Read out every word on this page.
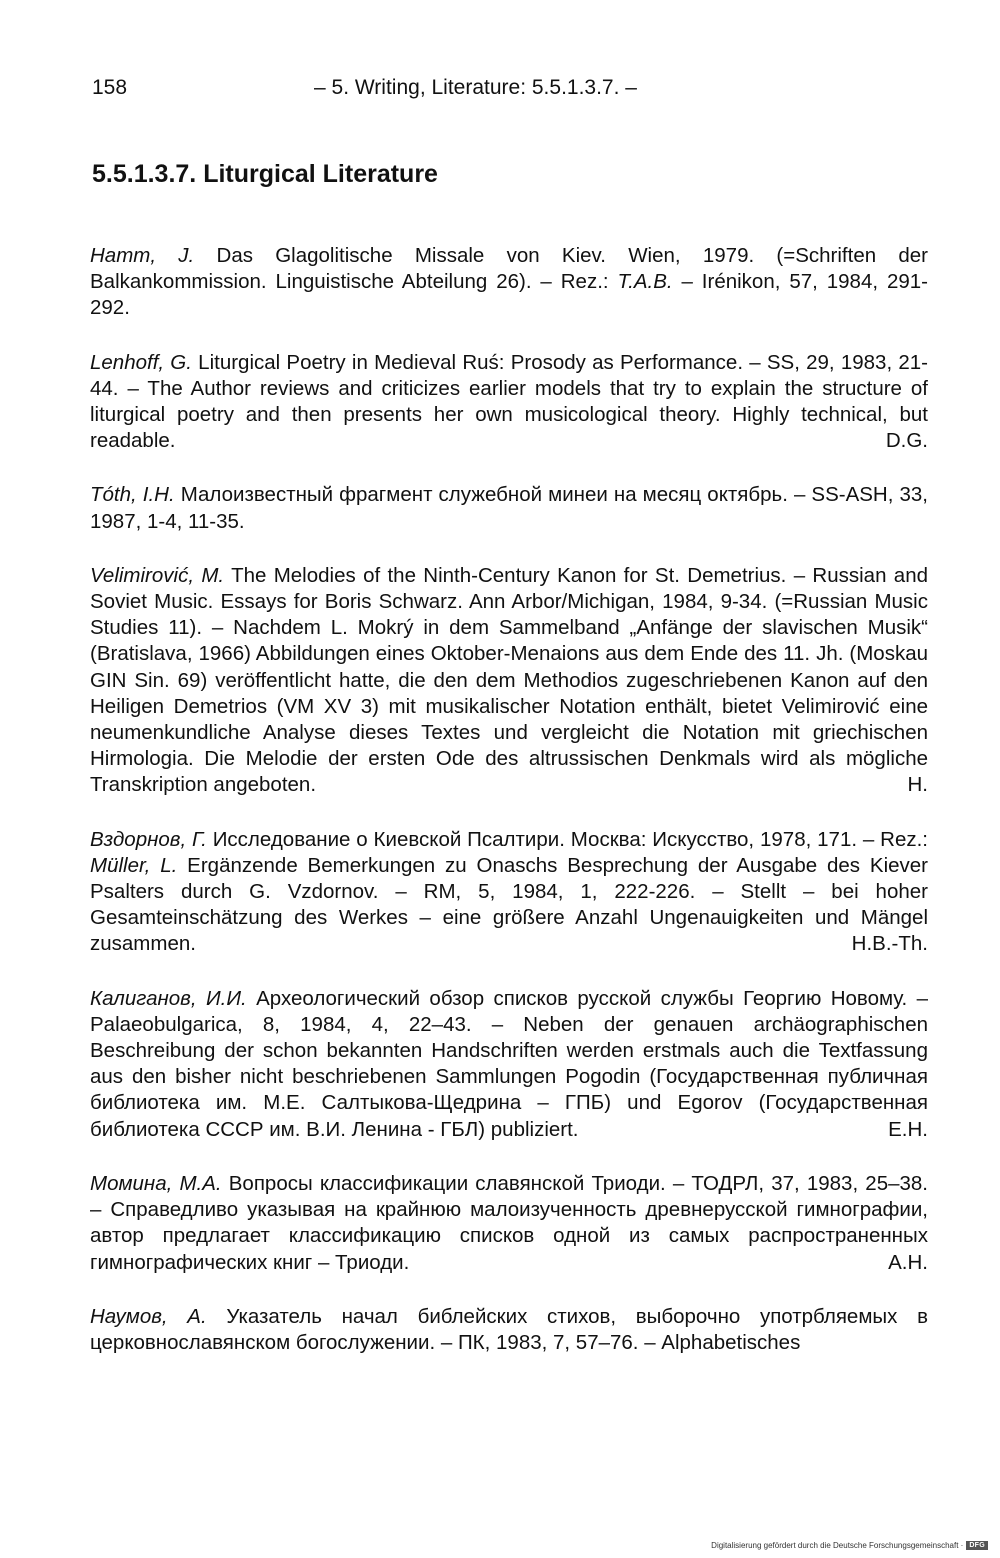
158	– 5. Writing, Literature: 5.5.1.3.7. –
5.5.1.3.7. Liturgical Literature

Hamm, J. Das Glagolitische Missale von Kiev. Wien, 1979. (=Schriften der Balkankommission. Linguistische Abteilung 26). – Rez.: T.A.B. – Irénikon, 57, 1984, 291-292.

Lenhoff, G. Liturgical Poetry in Medieval Ruś: Prosody as Performance. – SS, 29, 1983, 21-44. – The Author reviews and criticizes earlier models that try to explain the structure of liturgical poetry and then presents her own musicological theory. Highly technical, but readable.	D.G.

Tóth, I.H. Малоизвестный фрагмент служебной минеи на месяц октябрь. – SS-ASH, 33, 1987, 1-4, 11-35.

Velimirović, M. The Melodies of the Ninth-Century Kanon for St. Demetrius. – Russian and Soviet Music. Essays for Boris Schwarz. Ann Arbor/Michigan, 1984, 9-34. (=Russian Music Studies 11). – Nachdem L. Mokrý in dem Sammelband „Anfänge der slavischen Musik“ (Bratislava, 1966) Abbildungen eines Oktober-Menaions aus dem Ende des 11. Jh. (Moskau GIN Sin. 69) veröffentlicht hatte, die den dem Methodios zugeschriebenen Kanon auf den Heiligen Demetrios (VM XV 3) mit musikalischer Notation enthält, bietet Velimirović eine neumenkundliche Analyse dieses Textes und vergleicht die Notation mit griechischen Hirmologia. Die Melodie der ersten Ode des altrussischen Denkmals wird als mögliche Transkription angeboten.	H.

Вздорнов, Г. Исследование о Киевской Псалтири. Москва: Искусство, 1978, 171. – Rez.: Müller, L. Ergänzende Bemerkungen zu Onaschs Besprechung der Ausgabe des Kiever Psalters durch G. Vzdornov. – RM, 5, 1984, 1, 222-226. – Stellt – bei hoher Gesamteinschätzung des Werkes – eine größere Anzahl Ungenauigkeiten und Mängel zusammen.	H.B.-Th.

Калиганов, И.И. Археологический обзор списков русской службы Георгию Новому. – Palaeobulgarica, 8, 1984, 4, 22–43. – Neben der genauen archäographischen Beschreibung der schon bekannten Handschriften werden erstmals auch die Textfassung aus den bisher nicht beschriebenen Sammlungen Pogodin (Государственная публичная библиотека им. М.Е. Салтыкова-Щедрина – ГПБ) und Egorov (Государственная библиотека СССР им. В.И. Ленина - ГБЛ) publiziert.	E.H.

Момина, М.А. Вопросы классификации славянской Триоди. – ТОДРЛ, 37, 1983, 25–38. – Справедливо указывая на крайнюю малоизученность древнерусской гимнографии, автор предлагает классификацию списков одной из самых распространенных гимнографических книг – Триоди.	А.Н.

Наумов, А. Указатель начал библейских стихов, выборочно употрбляемых в церковнославянском богослужении. – ПК, 1983, 7, 57–76. – Alphabetisches

Digitalisierung gefördert durch die Deutsche Forschungsgemeinschaft · DFG
